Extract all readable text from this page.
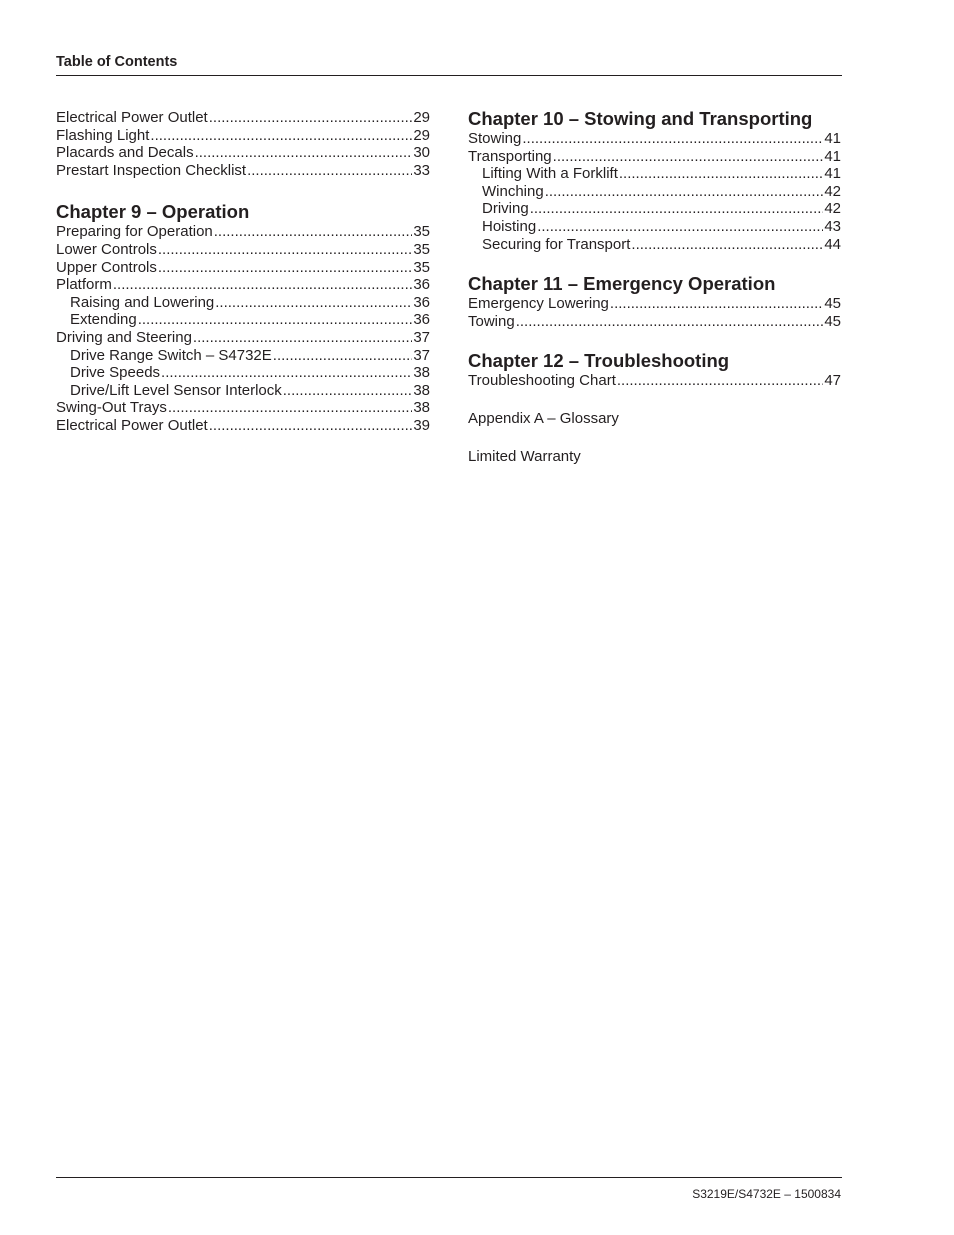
Table of Contents
Electrical Power Outlet .....	29
Flashing Light .....	29
Placards and Decals .....	30
Prestart Inspection Checklist .....	33
Chapter 9 – Operation
Preparing for Operation .....	35
Lower Controls .....	35
Upper Controls .....	35
Platform .....	36
Raising and Lowering .....	36
Extending .....	36
Driving and Steering .....	37
Drive Range Switch – S4732E .....	37
Drive Speeds .....	38
Drive/Lift Level Sensor Interlock .....	38
Swing-Out Trays .....	38
Electrical Power Outlet .....	39
Chapter 10 – Stowing and Transporting
Stowing .....	41
Transporting .....	41
Lifting With a Forklift .....	41
Winching .....	42
Driving .....	42
Hoisting .....	43
Securing for Transport .....	44
Chapter 11 – Emergency Operation
Emergency Lowering .....	45
Towing .....	45
Chapter 12 – Troubleshooting
Troubleshooting Chart .....	47
Appendix A – Glossary
Limited Warranty
S3219E/S4732E – 1500834
